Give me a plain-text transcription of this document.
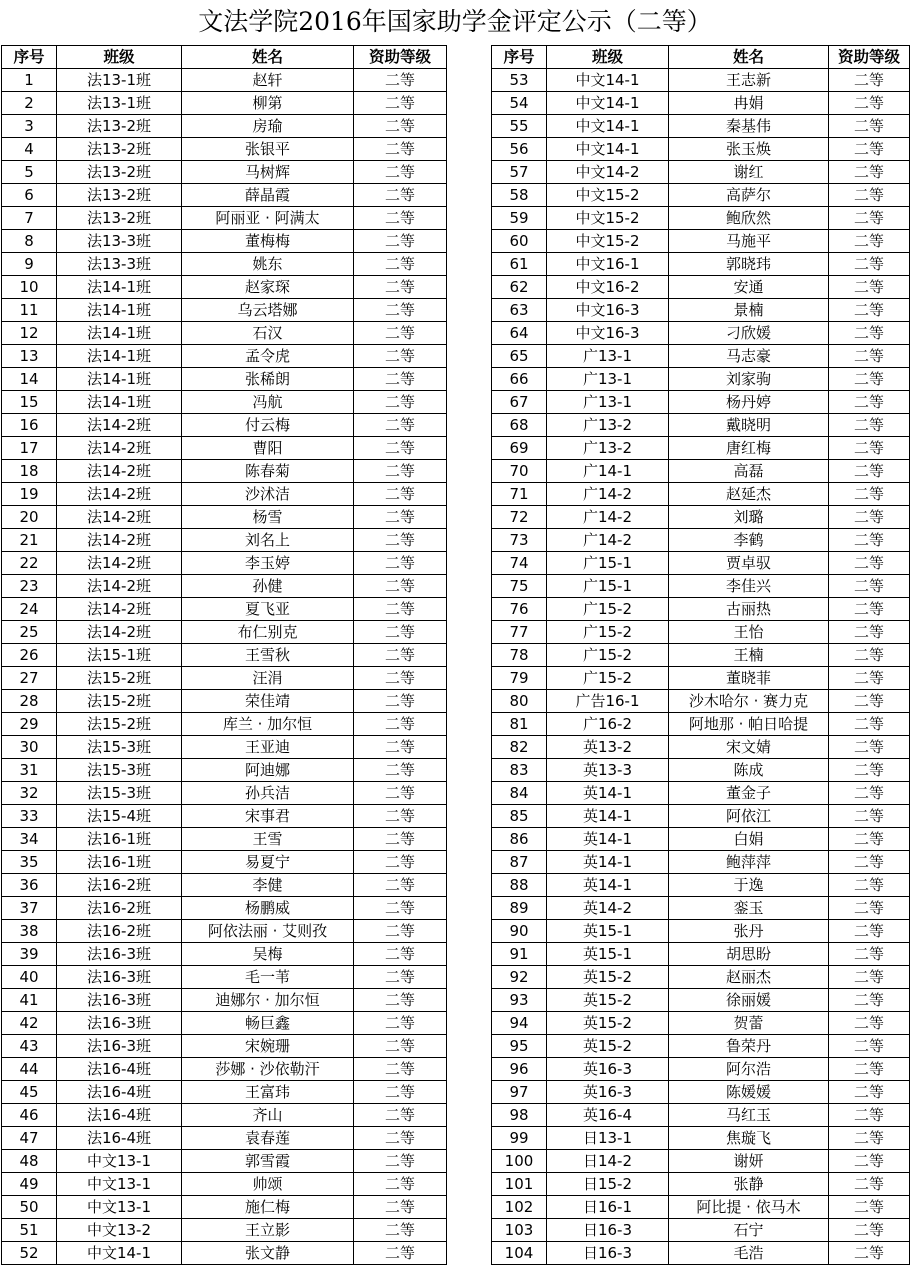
文法学院2016年国家助学金评定公示（二等）
序号	班级	姓名	资助等级
1	法13-1班	赵轩	二等
2	法13-1班	柳第	二等
3	法13-2班	房瑜	二等
4	法13-2班	张银平	二等
5	法13-2班	马树辉	二等
6	法13-2班	薛晶霞	二等
7	法13-2班	阿丽亚 · 阿满太	二等
8	法13-3班	董梅梅	二等
9	法13-3班	姚东	二等
10	法14-1班	赵家琛	二等
11	法14-1班	乌云塔娜	二等
12	法14-1班	石汉	二等
13	法14-1班	孟令虎	二等
14	法14-1班	张稀朗	二等
15	法14-1班	冯航	二等
16	法14-2班	付云梅	二等
17	法14-2班	曹阳	二等
18	法14-2班	陈春菊	二等
19	法14-2班	沙沭洁	二等
20	法14-2班	杨雪	二等
21	法14-2班	刘名上	二等
22	法14-2班	李玉婷	二等
23	法14-2班	孙健	二等
24	法14-2班	夏飞亚	二等
25	法14-2班	布仁别克	二等
26	法15-1班	王雪秋	二等
27	法15-2班	汪涓	二等
28	法15-2班	荣佳靖	二等
29	法15-2班	库兰 · 加尔恒	二等
30	法15-3班	王亚迪	二等
31	法15-3班	阿迪娜	二等
32	法15-3班	孙兵洁	二等
33	法15-4班	宋事君	二等
34	法16-1班	王雪	二等
35	法16-1班	易夏宁	二等
36	法16-2班	李健	二等
37	法16-2班	杨鹏威	二等
38	法16-2班	阿依法丽 · 艾则孜	二等
39	法16-3班	吴梅	二等
40	法16-3班	毛一苇	二等
41	法16-3班	迪娜尔 · 加尔恒	二等
42	法16-3班	畅巨鑫	二等
43	法16-3班	宋婉珊	二等
44	法16-4班	莎娜 · 沙依勒汗	二等
45	法16-4班	王富玮	二等
46	法16-4班	齐山	二等
47	法16-4班	袁春莲	二等
48	中文13-1	郭雪霞	二等
49	中文13-1	帅颂	二等
50	中文13-1	施仁梅	二等
51	中文13-2	王立影	二等
52	中文14-1	张文静	二等
序号	班级	姓名	资助等级
53	中文14-1	王志新	二等
54	中文14-1	冉娟	二等
55	中文14-1	秦基伟	二等
56	中文14-1	张玉焕	二等
57	中文14-2	谢红	二等
58	中文15-2	高萨尔	二等
59	中文15-2	鲍欣然	二等
60	中文15-2	马施平	二等
61	中文16-1	郭晓玮	二等
62	中文16-2	安通	二等
63	中文16-3	景楠	二等
64	中文16-3	刁欣媛	二等
65	广13-1	马志豪	二等
66	广13-1	刘家驹	二等
67	广13-1	杨丹婷	二等
68	广13-2	戴晓明	二等
69	广13-2	唐红梅	二等
70	广14-1	高磊	二等
71	广14-2	赵延杰	二等
72	广14-2	刘璐	二等
73	广14-2	李鹤	二等
74	广15-1	贾卓驭	二等
75	广15-1	李佳兴	二等
76	广15-2	古丽热	二等
77	广15-2	王怡	二等
78	广15-2	王楠	二等
79	广15-2	董晓菲	二等
80	广告16-1	沙木哈尔 · 赛力克	二等
81	广16-2	阿地那 · 帕日哈提	二等
82	英13-2	宋文婧	二等
83	英13-3	陈成	二等
84	英14-1	董金子	二等
85	英14-1	阿依江	二等
86	英14-1	白娟	二等
87	英14-1	鲍萍萍	二等
88	英14-1	于逸	二等
89	英14-2	銮玉	二等
90	英15-1	张丹	二等
91	英15-1	胡思盼	二等
92	英15-2	赵丽杰	二等
93	英15-2	徐丽媛	二等
94	英15-2	贺蕾	二等
95	英15-2	鲁荣丹	二等
96	英16-3	阿尔浩	二等
97	英16-3	陈媛媛	二等
98	英16-4	马红玉	二等
99	日13-1	焦璇飞	二等
100	日14-2	谢妍	二等
101	日15-2	张静	二等
102	日16-1	阿比提 · 依马木	二等
103	日16-3	石宁	二等
104	日16-3	毛浩	二等
